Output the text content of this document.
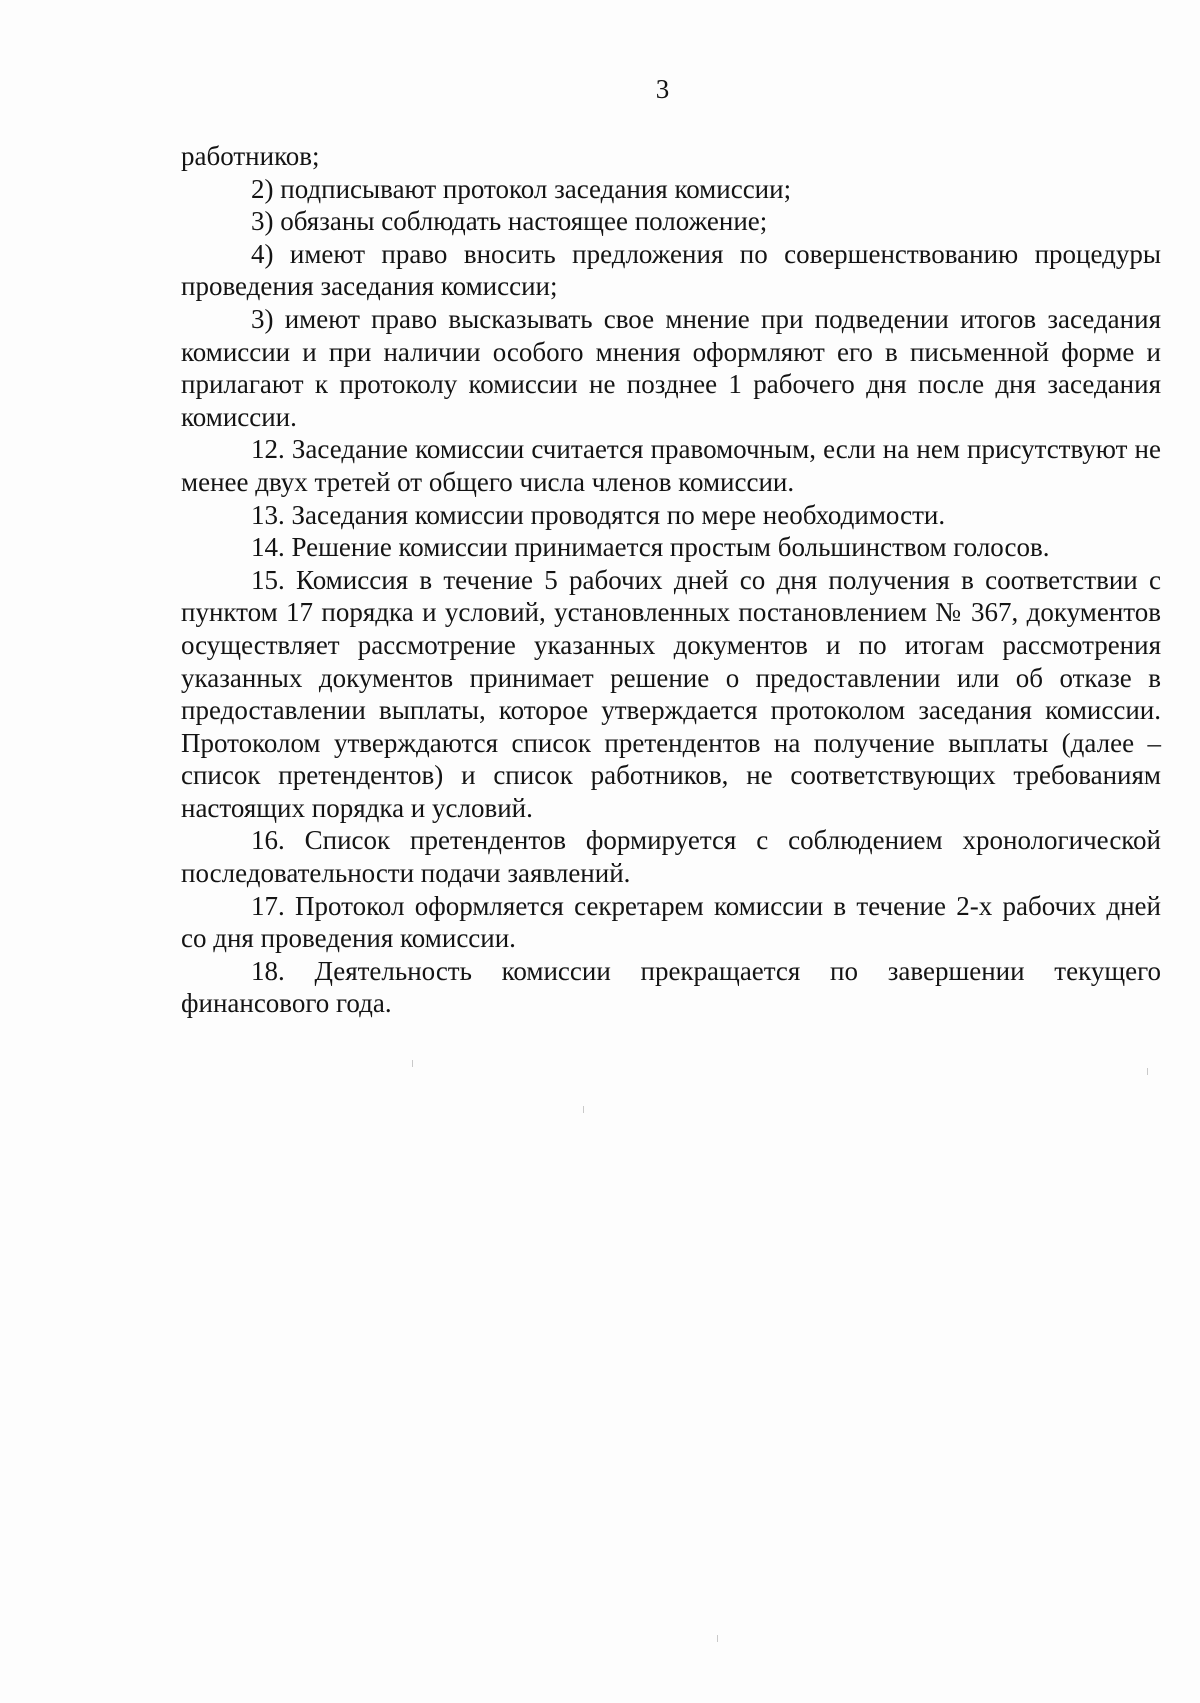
3

работников;

2) подписывают протокол заседания комиссии;

3) обязаны соблюдать настоящее положение;

4) имеют право вносить предложения по совершенствованию процедуры проведения заседания комиссии;

3) имеют право высказывать свое мнение при подведении итогов заседания комиссии и при наличии особого мнения оформляют его в письменной форме и прилагают к протоколу комиссии не позднее 1 рабочего дня после дня заседания комиссии.

12. Заседание комиссии считается правомочным, если на нем присутствуют не менее двух третей от общего числа членов комиссии.

13. Заседания комиссии проводятся по мере необходимости.

14. Решение комиссии принимается простым большинством голосов.

15. Комиссия в течение 5 рабочих дней со дня получения в соответствии с пунктом 17 порядка и условий, установленных постановлением № 367, документов осуществляет рассмотрение указанных документов и по итогам рассмотрения указанных документов принимает решение о предоставлении или об отказе в предоставлении выплаты, которое утверждается протоколом заседания комиссии. Протоколом утверждаются список претендентов на получение выплаты (далее – список претендентов) и список работников, не соответствующих требованиям настоящих порядка и условий.

16. Список претендентов формируется с соблюдением хронологической последовательности подачи заявлений.

17. Протокол оформляется секретарем комиссии в течение 2-х рабочих дней со дня проведения комиссии.

18. Деятельность комиссии прекращается по завершении текущего финансового года.
